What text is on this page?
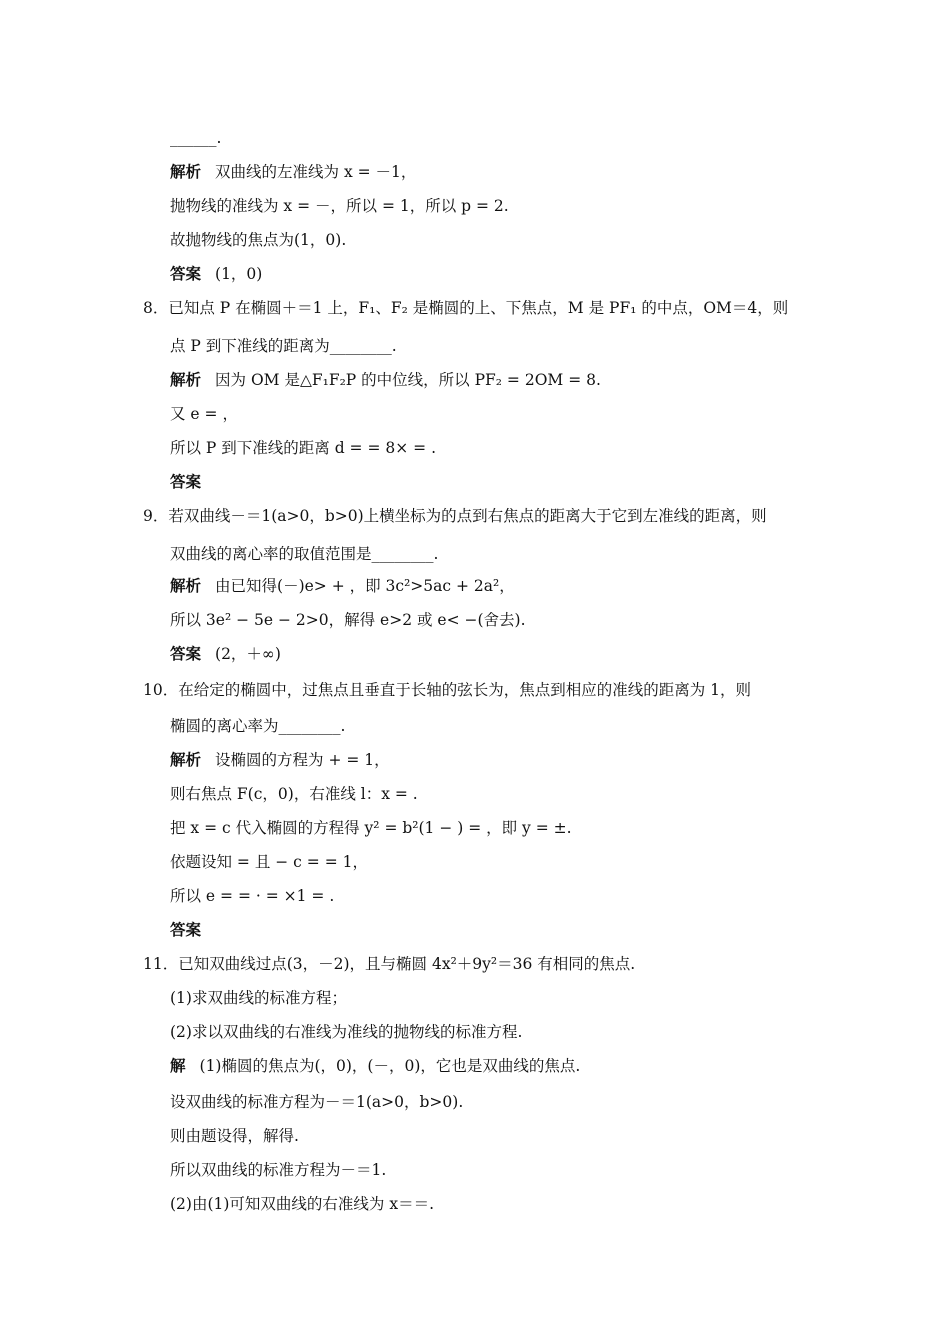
______.
解析 双曲线的左准线为 x = －1，
抛物线的准线为 x = －，所以 = 1，所以 p = 2.
故抛物线的焦点为(1，0).
答案 (1，0)
8．已知点 P 在椭圆＋＝1 上，F₁、F₂ 是椭圆的上、下焦点，M 是 PF₁ 的中点，OM＝4，则
点 P 到下准线的距离为________.
解析 因为 OM 是△F₁F₂P 的中位线，所以 PF₂ = 2OM = 8.
又 e = ，
所以 P 到下准线的距离 d = = 8× = .
答案
9．若双曲线－＝1(a>0，b>0)上横坐标为的点到右焦点的距离大于它到左准线的距离，则
双曲线的离心率的取值范围是________.
解析 由已知得(－)e> + ，即 3c²>5ac + 2a²，
所以 3e² − 5e − 2>0，解得 e>2 或 e< −(舍去).
答案 (2，＋∞)
10．在给定的椭圆中，过焦点且垂直于长轴的弦长为，焦点到相应的准线的距离为 1，则
椭圆的离心率为________.
解析 设椭圆的方程为 + = 1，
则右焦点 F(c，0)，右准线 l：x = .
把 x = c 代入椭圆的方程得 y² = b²(1 − ) = ，即 y = ±.
依题设知 = 且 − c = = 1，
所以 e = = · = ×1 = .
答案
11．已知双曲线过点(3，－2)，且与椭圆 4x²＋9y²＝36 有相同的焦点.
(1)求双曲线的标准方程；
(2)求以双曲线的右准线为准线的抛物线的标准方程.
解 (1)椭圆的焦点为(，0)，(－，0)，它也是双曲线的焦点.
设双曲线的标准方程为－＝1(a>0，b>0).
则由题设得，解得.
所以双曲线的标准方程为－＝1.
(2)由(1)可知双曲线的右准线为 x＝＝.
